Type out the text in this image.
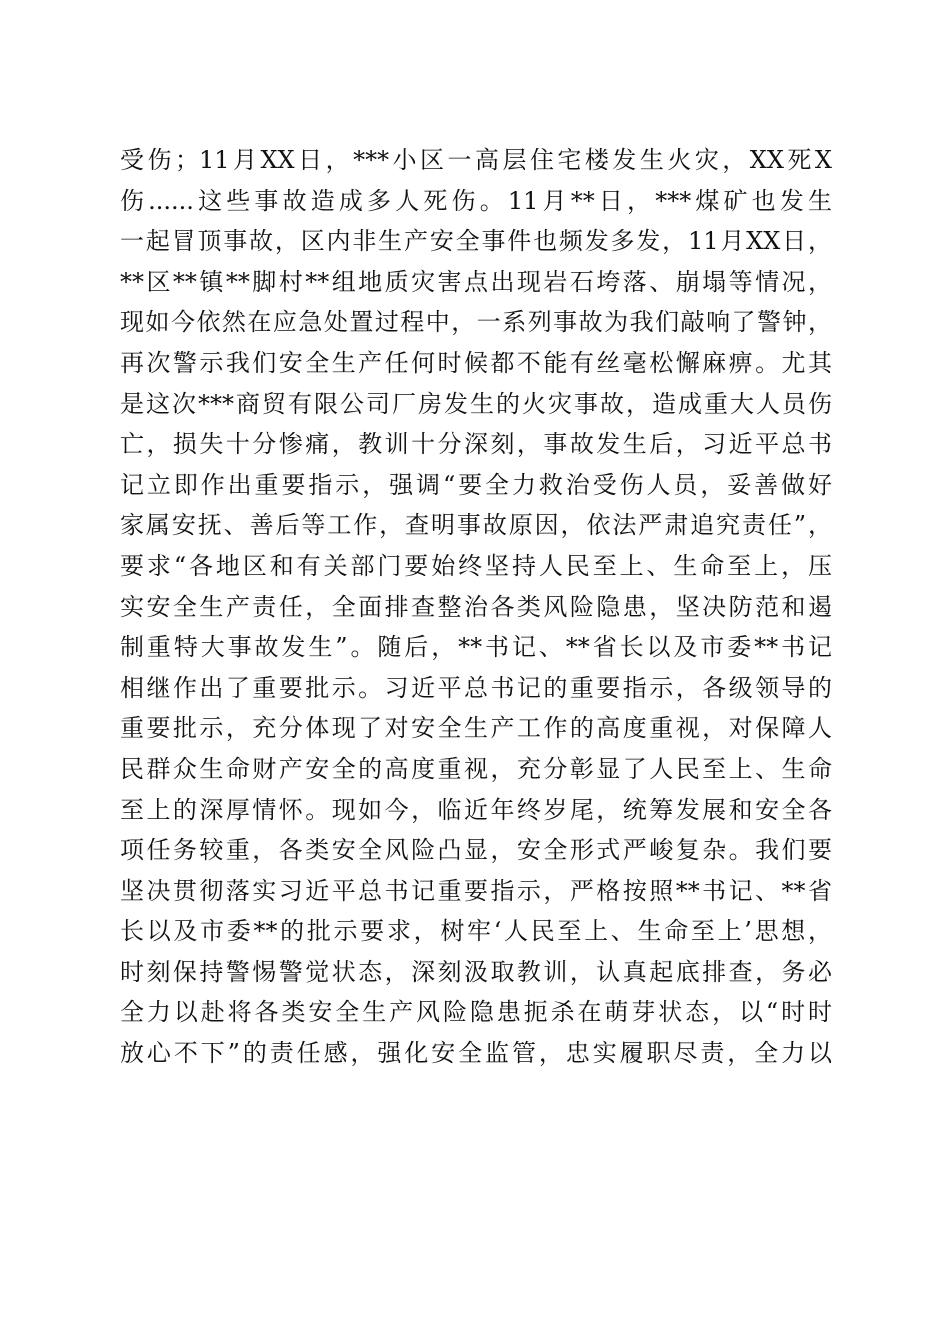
受伤；11月XX日，***小区一高层住宅楼发生火灾，XX死X
伤......这些事故造成多人死伤。11月**日，***煤矿也发生
一起冒顶事故，区内非生产安全事件也频发多发，11月XX日，
**区**镇**脚村**组地质灾害点出现岩石垮落、崩塌等情况，
现如今依然在应急处置过程中，一系列事故为我们敲响了警钟，
再次警示我们安全生产任何时候都不能有丝毫松懈麻痹。尤其
是这次***商贸有限公司厂房发生的火灾事故，造成重大人员伤
亡，损失十分惨痛，教训十分深刻，事故发生后，习近平总书
记立即作出重要指示，强调“要全力救治受伤人员，妥善做好
家属安抚、善后等工作，查明事故原因，依法严肃追究责任”，
要求“各地区和有关部门要始终坚持人民至上、生命至上，压
实安全生产责任，全面排查整治各类风险隐患，坚决防范和遏
制重特大事故发生”。随后，**书记、**省长以及市委**书记
相继作出了重要批示。习近平总书记的重要指示，各级领导的
重要批示，充分体现了对安全生产工作的高度重视，对保障人
民群众生命财产安全的高度重视，充分彰显了人民至上、生命
至上的深厚情怀。现如今，临近年终岁尾，统筹发展和安全各
项任务较重，各类安全风险凸显，安全形式严峻复杂。我们要
坚决贯彻落实习近平总书记重要指示，严格按照**书记、**省
长以及市委**的批示要求，树牢‘人民至上、生命至上’思想，
时刻保持警惕警觉状态，深刻汲取教训，认真起底排查，务必
全力以赴将各类安全生产风险隐患扼杀在萌芽状态，以“时时
放心不下”的责任感，强化安全监管，忠实履职尽责，全力以
